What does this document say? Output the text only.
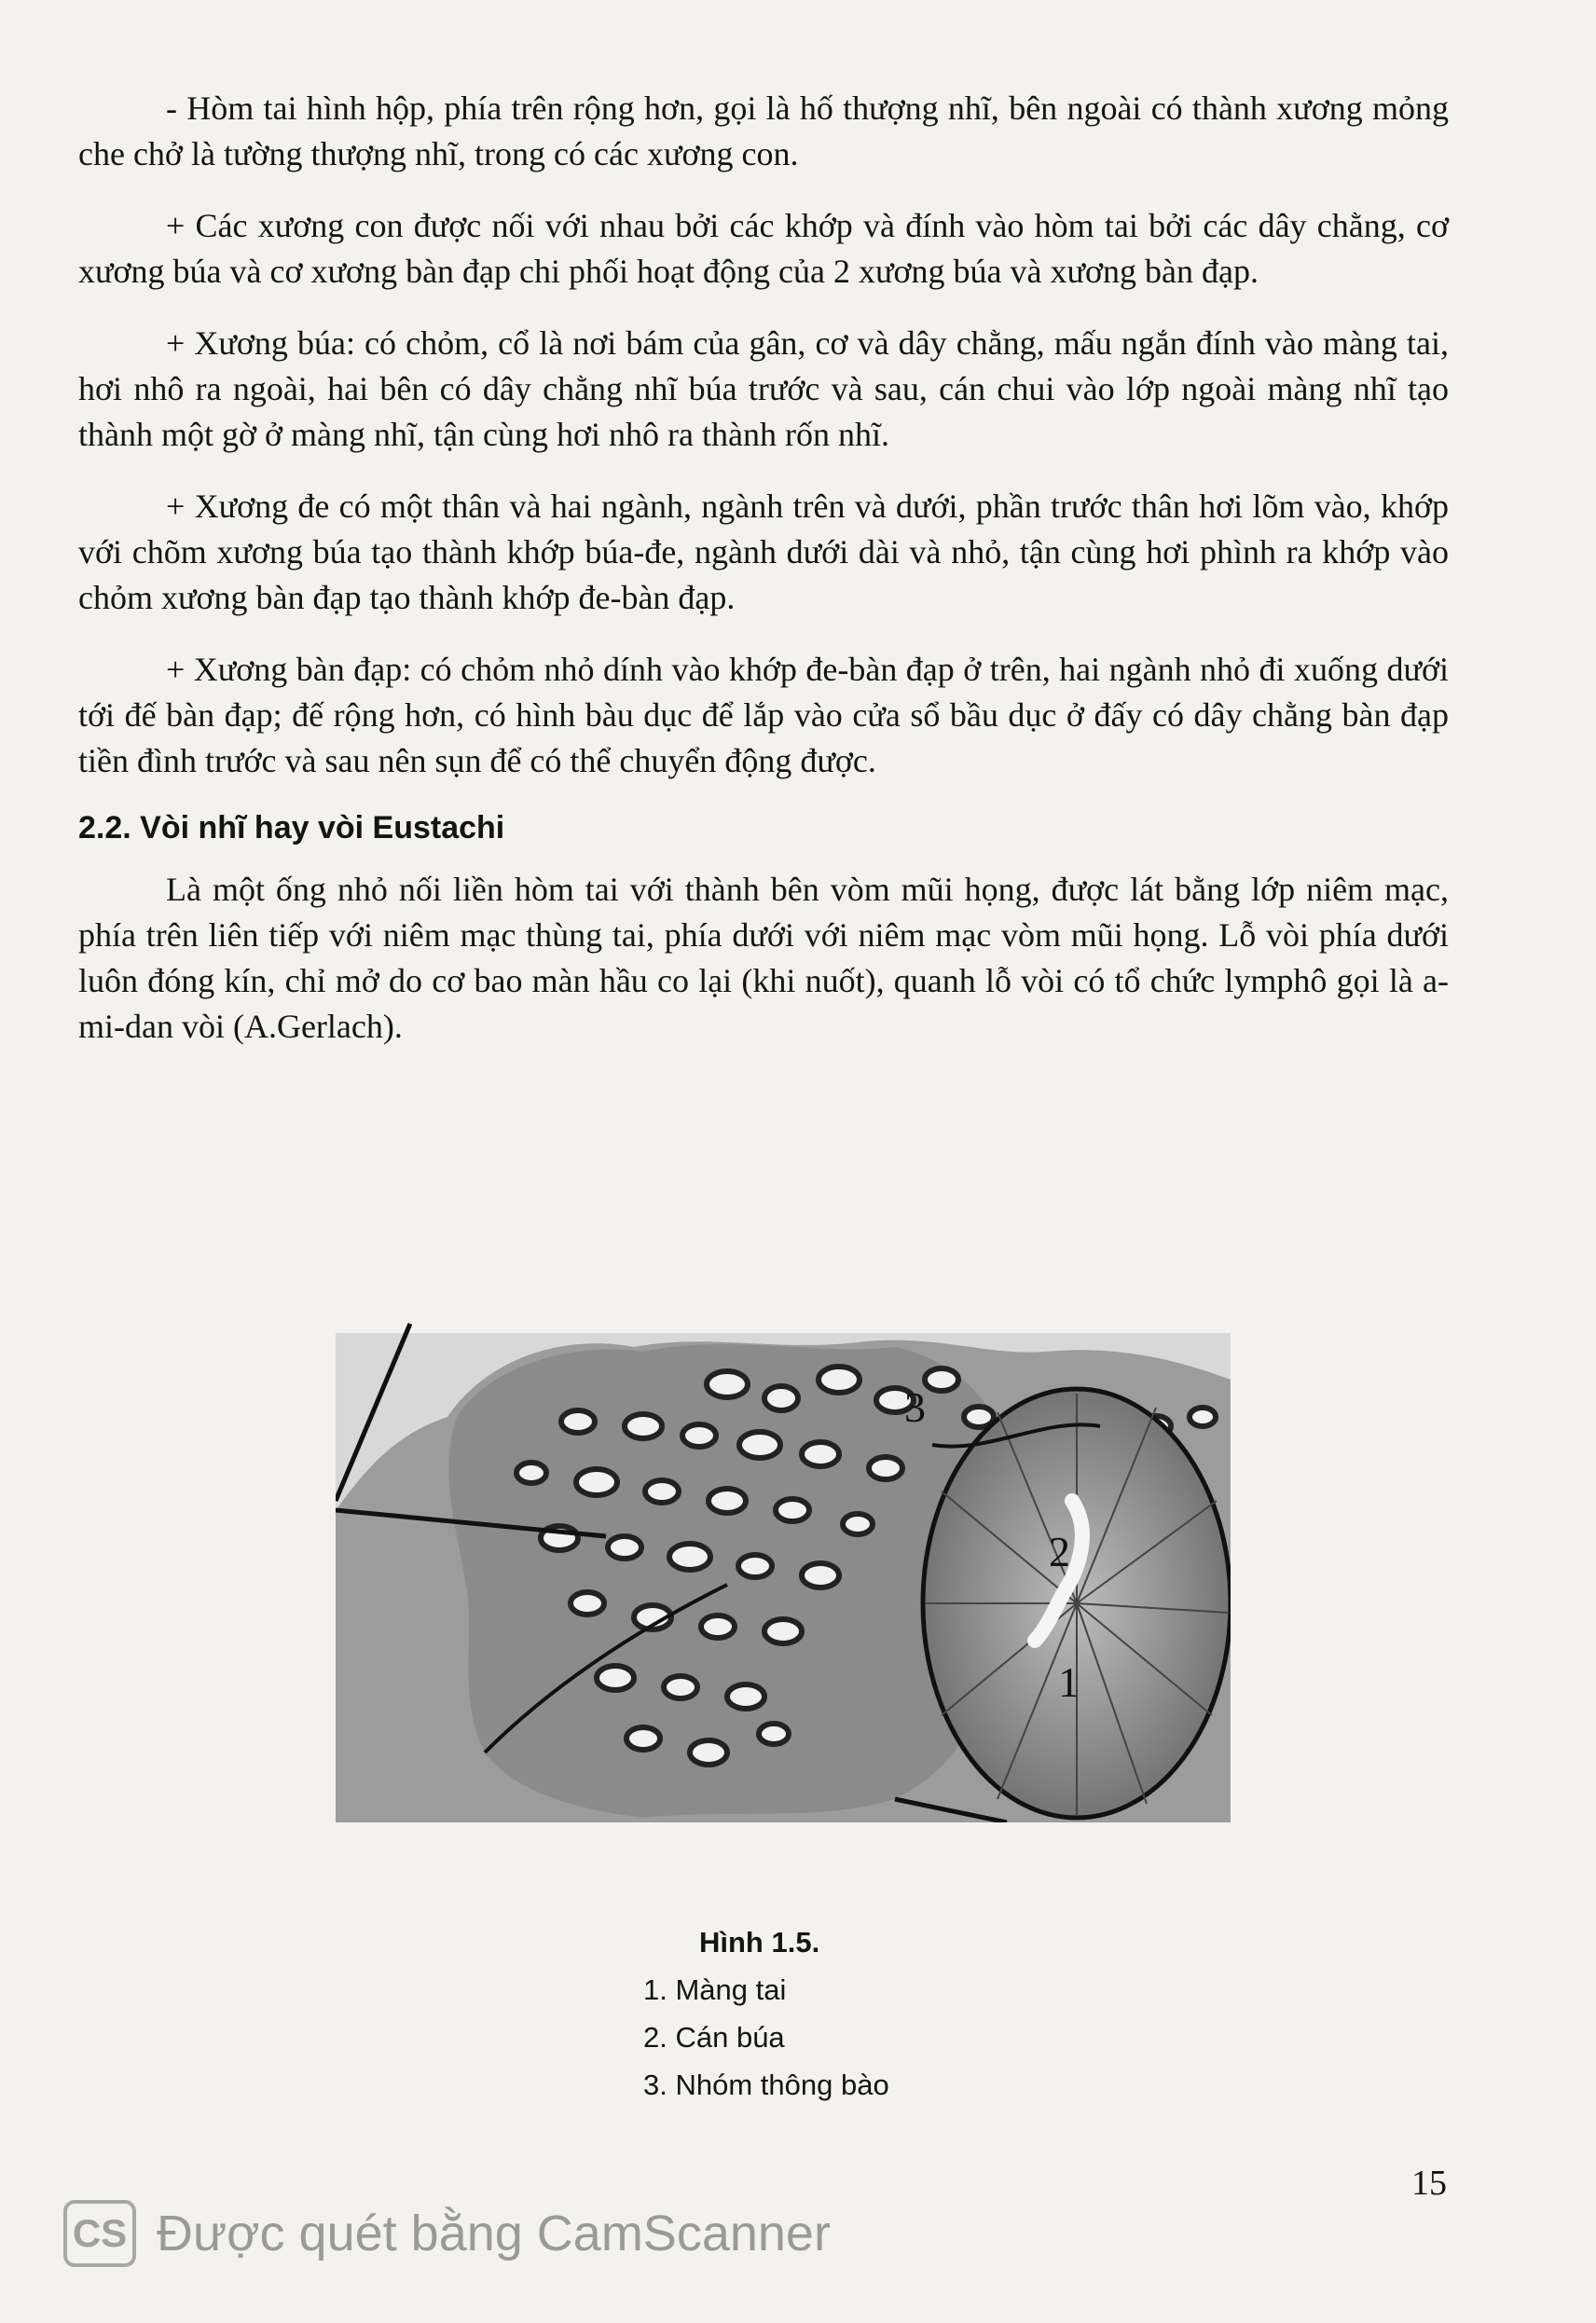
- Hòm tai hình hộp, phía trên rộng hơn, gọi là hố thượng nhĩ, bên ngoài có thành xương mỏng che chở là tường thượng nhĩ, trong có các xương con.

+ Các xương con được nối với nhau bởi các khớp và đính vào hòm tai bởi các dây chằng, cơ xương búa và cơ xương bàn đạp chi phối hoạt động của 2 xương búa và xương bàn đạp.

+ Xương búa: có chỏm, cổ là nơi bám của gân, cơ và dây chằng, mấu ngắn đính vào màng tai, hơi nhô ra ngoài, hai bên có dây chằng nhĩ búa trước và sau, cán chui vào lớp ngoài màng nhĩ tạo thành một gờ ở màng nhĩ, tận cùng hơi nhô ra thành rốn nhĩ.

+ Xương đe có một thân và hai ngành, ngành trên và dưới, phần trước thân hơi lõm vào, khớp với chõm xương búa tạo thành khớp búa-đe, ngành dưới dài và nhỏ, tận cùng hơi phình ra khớp vào chỏm xương bàn đạp tạo thành khớp đe-bàn đạp.

+ Xương bàn đạp: có chỏm nhỏ dính vào khớp đe-bàn đạp ở trên, hai ngành nhỏ đi xuống dưới tới đế bàn đạp; đế rộng hơn, có hình bàu dục để lắp vào cửa sổ bầu dục ở đấy có dây chằng bàn đạp tiền đình trước và sau nên sụn để có thể chuyển động được.

2.2. Vòi nhĩ hay vòi Eustachi

Là một ống nhỏ nối liền hòm tai với thành bên vòm mũi họng, được lát bằng lớp niêm mạc, phía trên liên tiếp với niêm mạc thùng tai, phía dưới với niêm mạc vòm mũi họng. Lỗ vòi phía dưới luôn đóng kín, chỉ mở do cơ bao màn hầu co lại (khi nuốt), quanh lỗ vòi có tổ chức lymphô gọi là a-mi-dan vòi (A.Gerlach).

3
2
1
Hình 1.5.
1. Màng tai
2. Cán búa
3. Nhóm thông bào
15
CS Được quét bằng CamScanner
